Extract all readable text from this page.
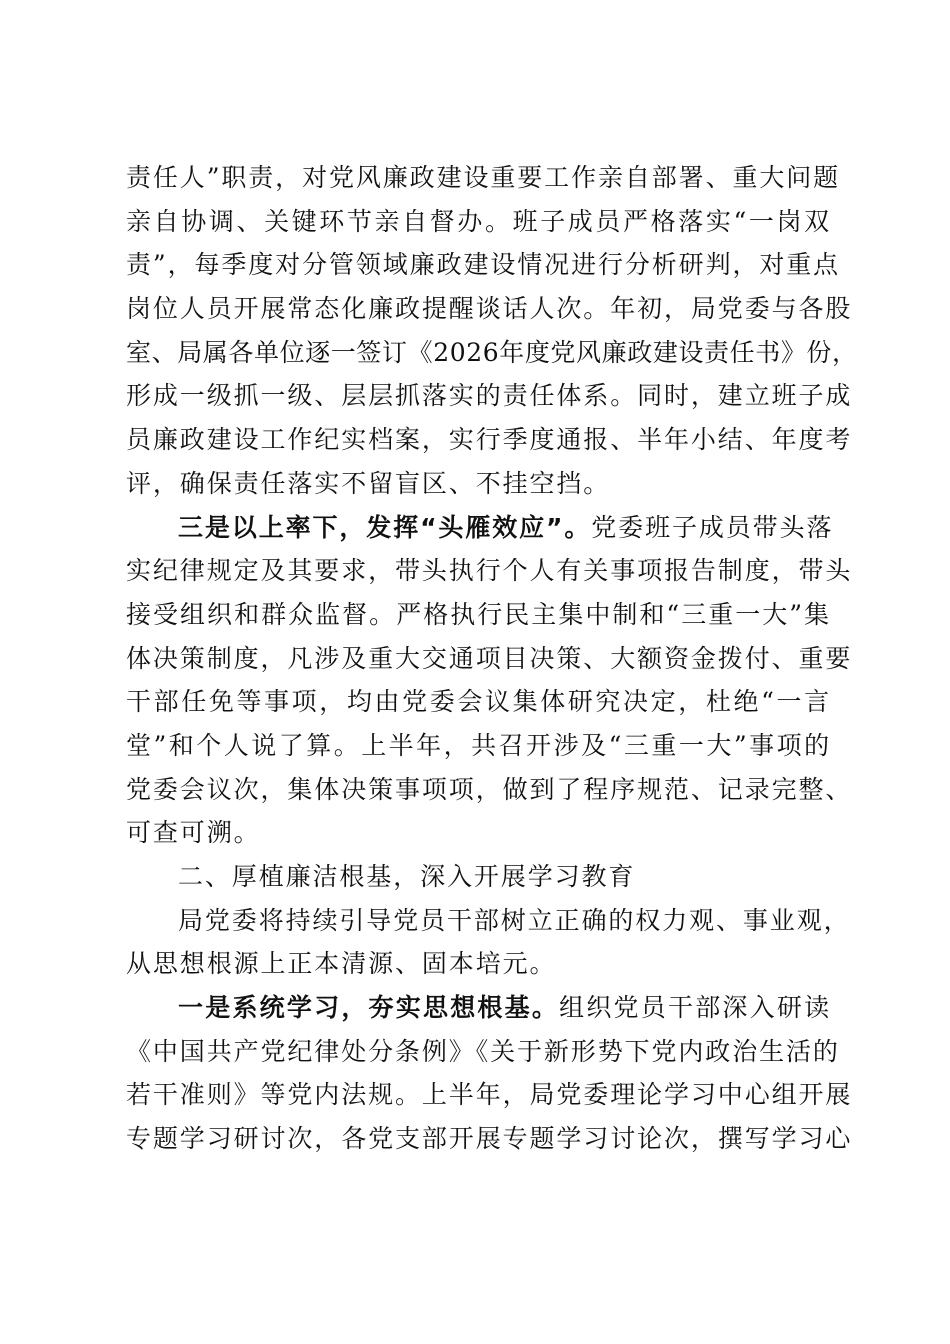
责任人”职责，对党风廉政建设重要工作亲自部署、重大问题
亲自协调、关键环节亲自督办。班子成员严格落实“一岗双
责”，每季度对分管领域廉政建设情况进行分析研判，对重点
岗位人员开展常态化廉政提醒谈话人次。年初，局党委与各股
室、局属各单位逐一签订《2026年度党风廉政建设责任书》份，
形成一级抓一级、层层抓落实的责任体系。同时，建立班子成
员廉政建设工作纪实档案，实行季度通报、半年小结、年度考
评，确保责任落实不留盲区、不挂空挡。
三是以上率下，发挥“头雁效应”。党委班子成员带头落
实纪律规定及其要求，带头执行个人有关事项报告制度，带头
接受组织和群众监督。严格执行民主集中制和“三重一大”集
体决策制度，凡涉及重大交通项目决策、大额资金拨付、重要
干部任免等事项，均由党委会议集体研究决定，杜绝“一言
堂”和个人说了算。上半年，共召开涉及“三重一大”事项的
党委会议次，集体决策事项项，做到了程序规范、记录完整、
可查可溯。
二、厚植廉洁根基，深入开展学习教育
局党委将持续引导党员干部树立正确的权力观、事业观，
从思想根源上正本清源、固本培元。
一是系统学习，夯实思想根基。组织党员干部深入研读
《中国共产党纪律处分条例》《关于新形势下党内政治生活的
若干准则》等党内法规。上半年，局党委理论学习中心组开展
专题学习研讨次，各党支部开展专题学习讨论次，撰写学习心
